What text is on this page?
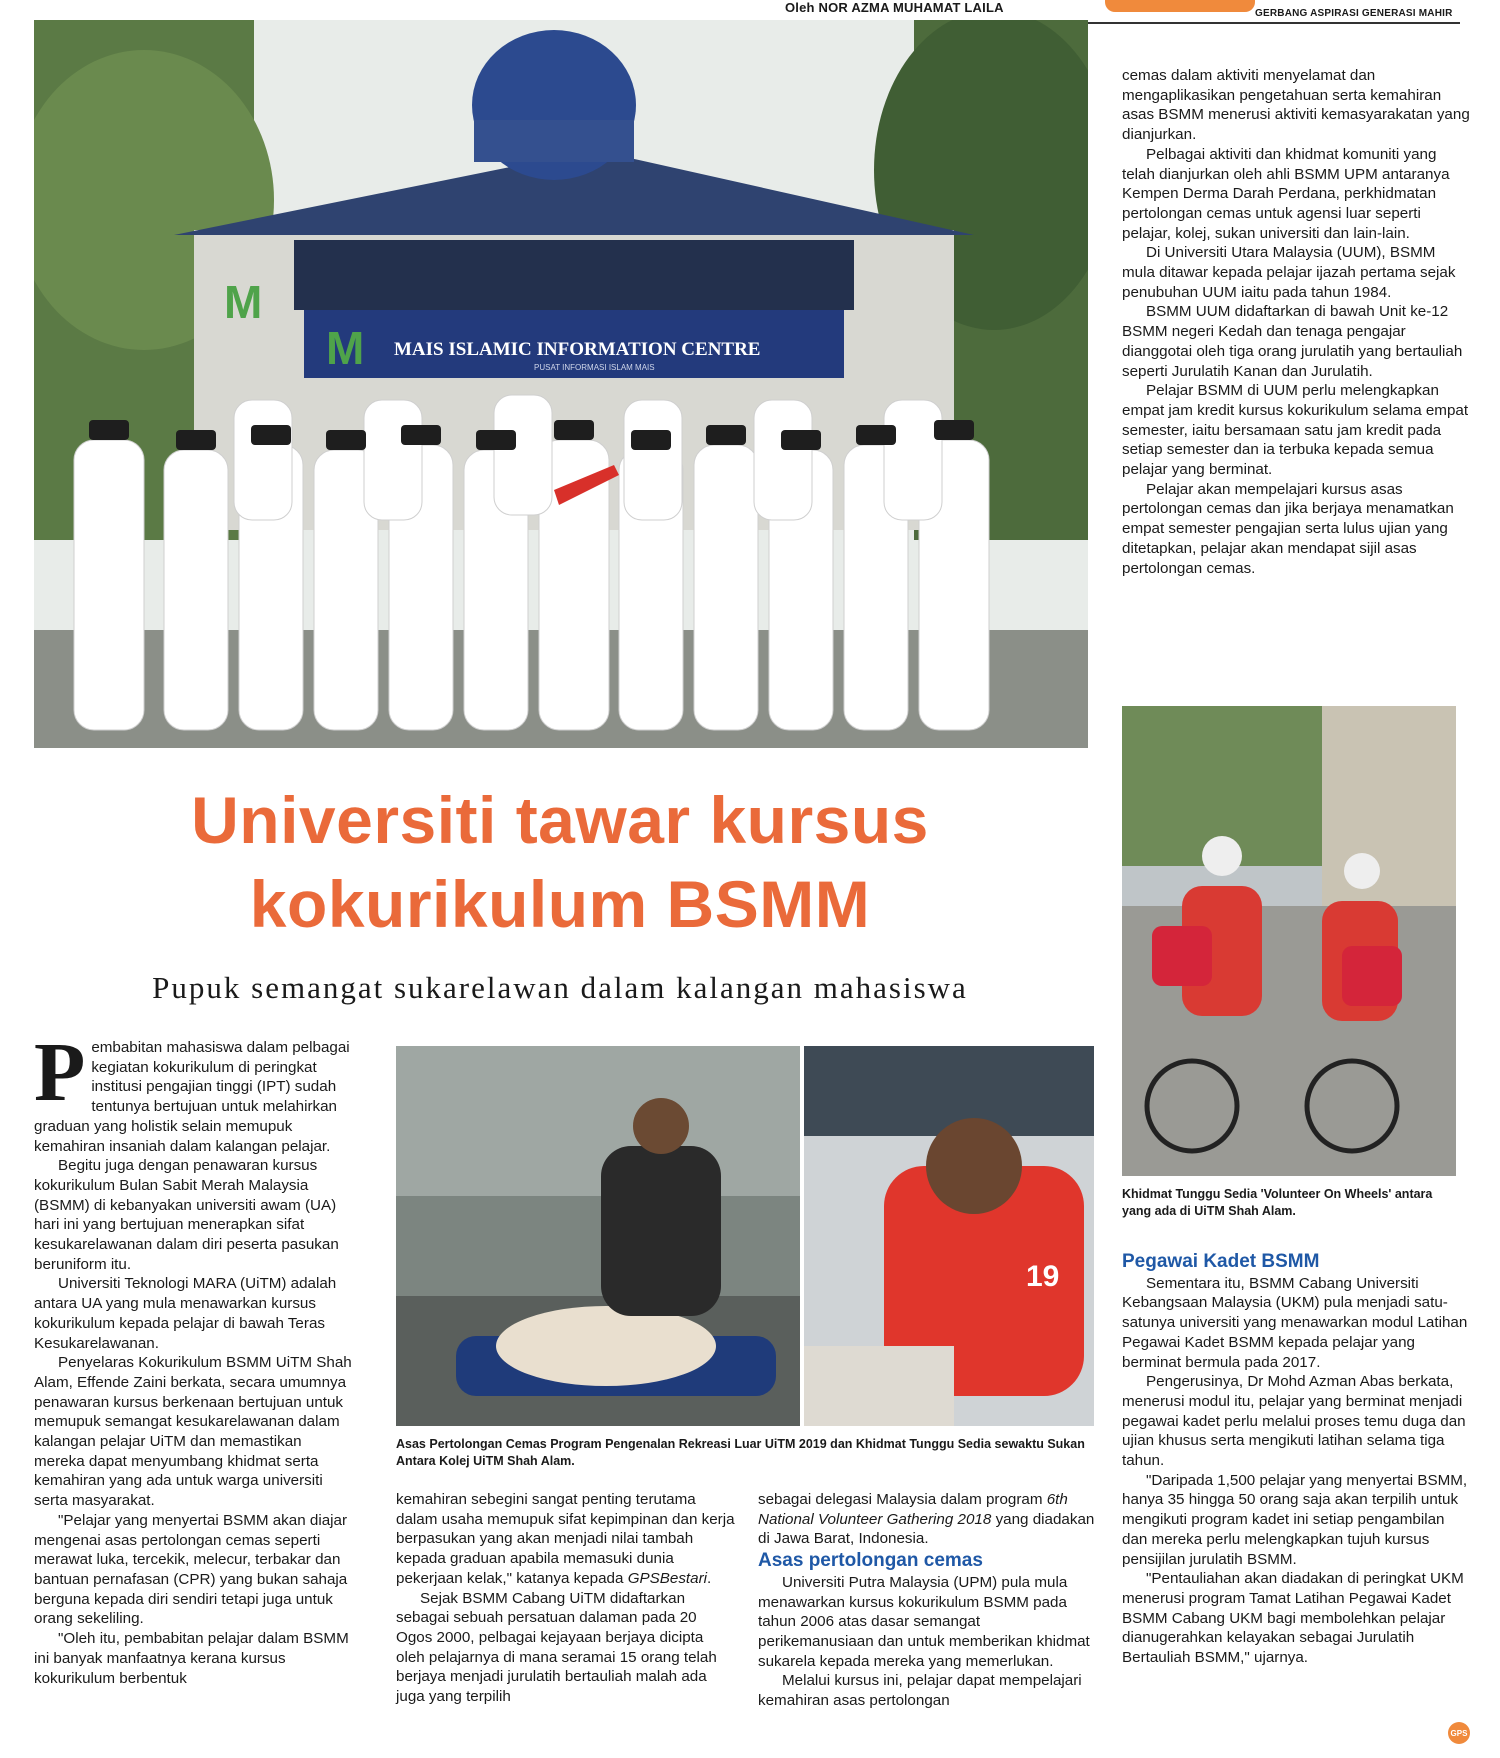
Oleh NOR AZMA MUHAMAT LAILA	GERBANG ASPIRASI GENERASI MAHIR
MAIS ISLAMIC INFORMATION CENTRE
PUSAT INFORMASI ISLAM MAIS
M
M
Universiti tawar kursus
kokurikulum BSMM
Pupuk semangat sukarelawan dalam kalangan mahasiswa
P embabitan mahasiswa dalam pelbagai kegiatan kokurikulum di peringkat institusi pengajian tinggi (IPT) sudah tentunya bertujuan untuk melahirkan graduan yang holistik selain memupuk kemahiran insaniah dalam kalangan pelajar.

Begitu juga dengan penawaran kursus kokurikulum Bulan Sabit Merah Malaysia (BSMM) di kebanyakan universiti awam (UA) hari ini yang bertujuan menerapkan sifat kesukarelawanan dalam diri peserta pasukan beruniform itu.

Universiti Teknologi MARA (UiTM) adalah antara UA yang mula menawarkan kursus kokurikulum kepada pelajar di bawah Teras Kesukarelawanan.

Penyelaras Kokurikulum BSMM UiTM Shah Alam, Effende Zaini berkata, secara umumnya penawaran kursus berkenaan bertujuan untuk memupuk semangat kesukarelawanan dalam kalangan pelajar UiTM dan memastikan mereka dapat menyumbang khidmat serta kemahiran yang ada untuk warga universiti serta masyarakat.

"Pelajar yang menyertai BSMM akan diajar mengenai asas pertolongan cemas seperti merawat luka, tercekik, melecur, terbakar dan bantuan pernafasan (CPR) yang bukan sahaja berguna kepada diri sendiri tetapi juga untuk orang sekeliling.

"Oleh itu, pembabitan pelajar dalam BSMM ini banyak manfaatnya kerana kursus kokurikulum berbentuk

19
Asas Pertolongan Cemas Program Pengenalan Rekreasi Luar UiTM 2019 dan Khidmat Tunggu Sedia sewaktu Sukan Antara Kolej UiTM Shah Alam.

kemahiran sebegini sangat penting terutama dalam usaha memupuk sifat kepimpinan dan kerja berpasukan yang akan menjadi nilai tambah kepada graduan apabila memasuki dunia pekerjaan kelak," katanya kepada GPSBestari.

Sejak BSMM Cabang UiTM didaftarkan sebagai sebuah persatuan dalaman pada 20 Ogos 2000, pelbagai kejayaan berjaya dicipta oleh pelajarnya di mana seramai 15 orang telah berjaya menjadi jurulatih bertauliah malah ada juga yang terpilih

sebagai delegasi Malaysia dalam program 6th National Volunteer Gathering 2018 yang diadakan di Jawa Barat, Indonesia.

Asas pertolongan cemas

Universiti Putra Malaysia (UPM) pula mula menawarkan kursus kokurikulum BSMM pada tahun 2006 atas dasar semangat perikemanusiaan dan untuk memberikan khidmat sukarela kepada mereka yang memerlukan.

Melalui kursus ini, pelajar dapat mempelajari kemahiran asas pertolongan

cemas dalam aktiviti menyelamat dan mengaplikasikan pengetahuan serta kemahiran asas BSMM menerusi aktiviti kemasyarakatan yang dianjurkan.

Pelbagai aktiviti dan khidmat komuniti yang telah dianjurkan oleh ahli BSMM UPM antaranya Kempen Derma Darah Perdana, perkhidmatan pertolongan cemas untuk agensi luar seperti pelajar, kolej, sukan universiti dan lain-lain.

Di Universiti Utara Malaysia (UUM), BSMM mula ditawar kepada pelajar ijazah pertama sejak penubuhan UUM iaitu pada tahun 1984.

BSMM UUM didaftarkan di bawah Unit ke-12 BSMM negeri Kedah dan tenaga pengajar dianggotai oleh tiga orang jurulatih yang bertauliah seperti Jurulatih Kanan dan Jurulatih.

Pelajar BSMM di UUM perlu melengkapkan empat jam kredit kursus kokurikulum selama empat semester, iaitu bersamaan satu jam kredit pada setiap semester dan ia terbuka kepada semua pelajar yang berminat.

Pelajar akan mempelajari kursus asas pertolongan cemas dan jika berjaya menamatkan empat semester pengajian serta lulus ujian yang ditetapkan, pelajar akan mendapat sijil asas pertolongan cemas.

Khidmat Tunggu Sedia 'Volunteer On Wheels' antara yang ada di UiTM Shah Alam.
Pegawai Kadet BSMM

Sementara itu, BSMM Cabang Universiti Kebangsaan Malaysia (UKM) pula menjadi satu-satunya universiti yang menawarkan modul Latihan Pegawai Kadet BSMM kepada pelajar yang berminat bermula pada 2017.

Pengerusinya, Dr Mohd Azman Abas berkata, menerusi modul itu, pelajar yang berminat menjadi pegawai kadet perlu melalui proses temu duga dan ujian khusus serta mengikuti latihan selama tiga tahun.

"Daripada 1,500 pelajar yang menyertai BSMM, hanya 35 hingga 50 orang saja akan terpilih untuk mengikuti program kadet ini setiap pengambilan dan mereka perlu melengkapkan tujuh kursus pensijilan jurulatih BSMM.

"Pentauliahan akan diadakan di peringkat UKM menerusi program Tamat Latihan Pegawai Kadet BSMM Cabang UKM bagi membolehkan pelajar dianugerahkan kelayakan sebagai Jurulatih Bertauliah BSMM," ujarnya.

GPS
